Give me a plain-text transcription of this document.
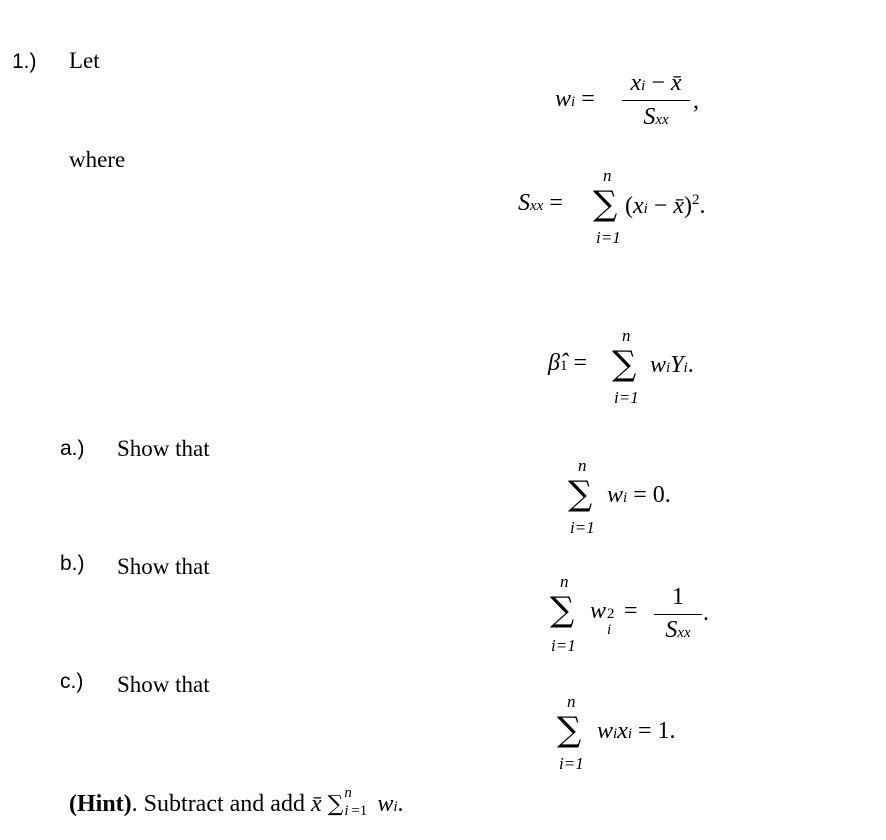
1.) Let
wi =
xi − x̄
Sxx
,
where
Sxx =
n
∑
i=1
(xi − x̄)$^2$.
β̂1 =
n
∑
i=1
wiYi.
a.) Show that
n
∑
i=1
wi = 0.
b.) Show that
n
∑
i=1
w 2
i
=
1
Sxx
.
c.) Show that
n
∑
i=1
wixi = 1.
(Hint). Subtract and add x̄ ∑ n
i =1 wi.
